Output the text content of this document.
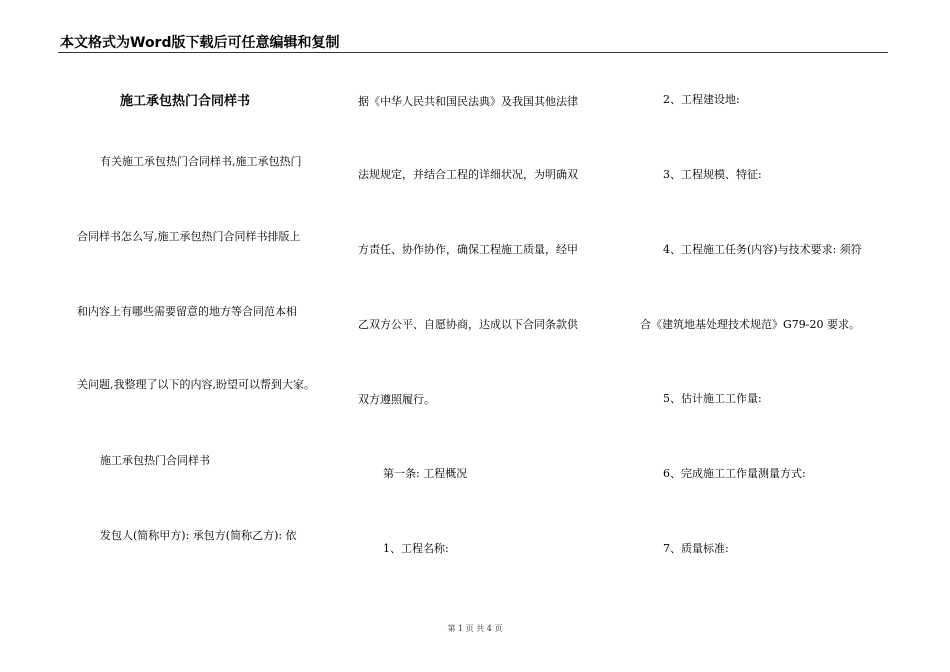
本文格式为Word版下载后可任意编辑和复制
施工承包热门合同样书
有关施工承包热门合同样书,施工承包热门
合同样书怎么写,施工承包热门合同样书排版上
和内容上有哪些需要留意的地方等合同范本相
关问题,我整理了以下的内容,盼望可以帮到大家。
施工承包热门合同样书
发包人(简称甲方): 承包方(简称乙方): 依
据《中华人民共和国民法典》及我国其他法律
法规规定，并结合工程的详细状况，为明确双
方责任、协作协作，确保工程施工质量，经甲
乙双方公平、自愿协商，达成以下合同条款供
双方遵照履行。
第一条: 工程概况
1、工程名称:
2、工程建设地:
3、工程规模、特征:
4、工程施工任务(内容)与技术要求: 须符
合《建筑地基处理技术规范》G79-20 要求。
5、估计施工工作量:
6、完成施工工作量测量方式:
7、质量标准:
第 1 页 共 4 页
